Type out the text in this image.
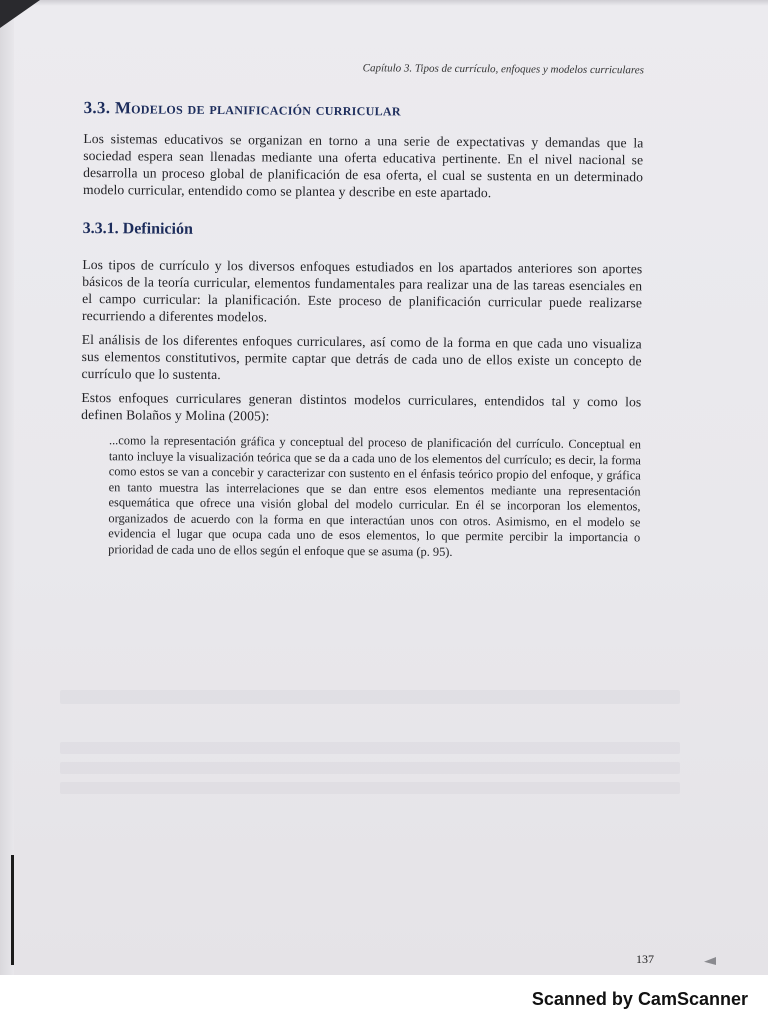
Capítulo 3. Tipos de currículo, enfoques y modelos curriculares
3.3. Modelos de planificación curricular

Los sistemas educativos se organizan en torno a una serie de expectativas y demandas que la sociedad espera sean llenadas mediante una oferta educativa pertinente. En el nivel nacional se desarrolla un proceso global de planificación de esa oferta, el cual se sustenta en un determinado modelo curricular, entendido como se plantea y describe en este apartado.

3.3.1. Definición

Los tipos de currículo y los diversos enfoques estudiados en los apartados anteriores son aportes básicos de la teoría curricular, elementos fundamentales para realizar una de las tareas esenciales en el campo curricular: la planificación. Este proceso de planificación curricular puede realizarse recurriendo a diferentes modelos.

El análisis de los diferentes enfoques curriculares, así como de la forma en que cada uno visualiza sus elementos constitutivos, permite captar que detrás de cada uno de ellos existe un concepto de currículo que lo sustenta.

Estos enfoques curriculares generan distintos modelos curriculares, entendidos tal y como los definen Bolaños y Molina (2005):

...como la representación gráfica y conceptual del proceso de planificación del currículo. Conceptual en tanto incluye la visualización teórica que se da a cada uno de los elementos del currículo; es decir, la forma como estos se van a concebir y caracterizar con sustento en el énfasis teórico propio del enfoque, y gráfica en tanto muestra las interrelaciones que se dan entre esos elementos mediante una representación esquemática que ofrece una visión global del modelo curricular. En él se incorporan los elementos, organizados de acuerdo con la forma en que interactúan unos con otros. Asimismo, en el modelo se evidencia el lugar que ocupa cada uno de esos elementos, lo que permite percibir la importancia o prioridad de cada uno de ellos según el enfoque que se asuma (p. 95).

137
Scanned by CamScanner
